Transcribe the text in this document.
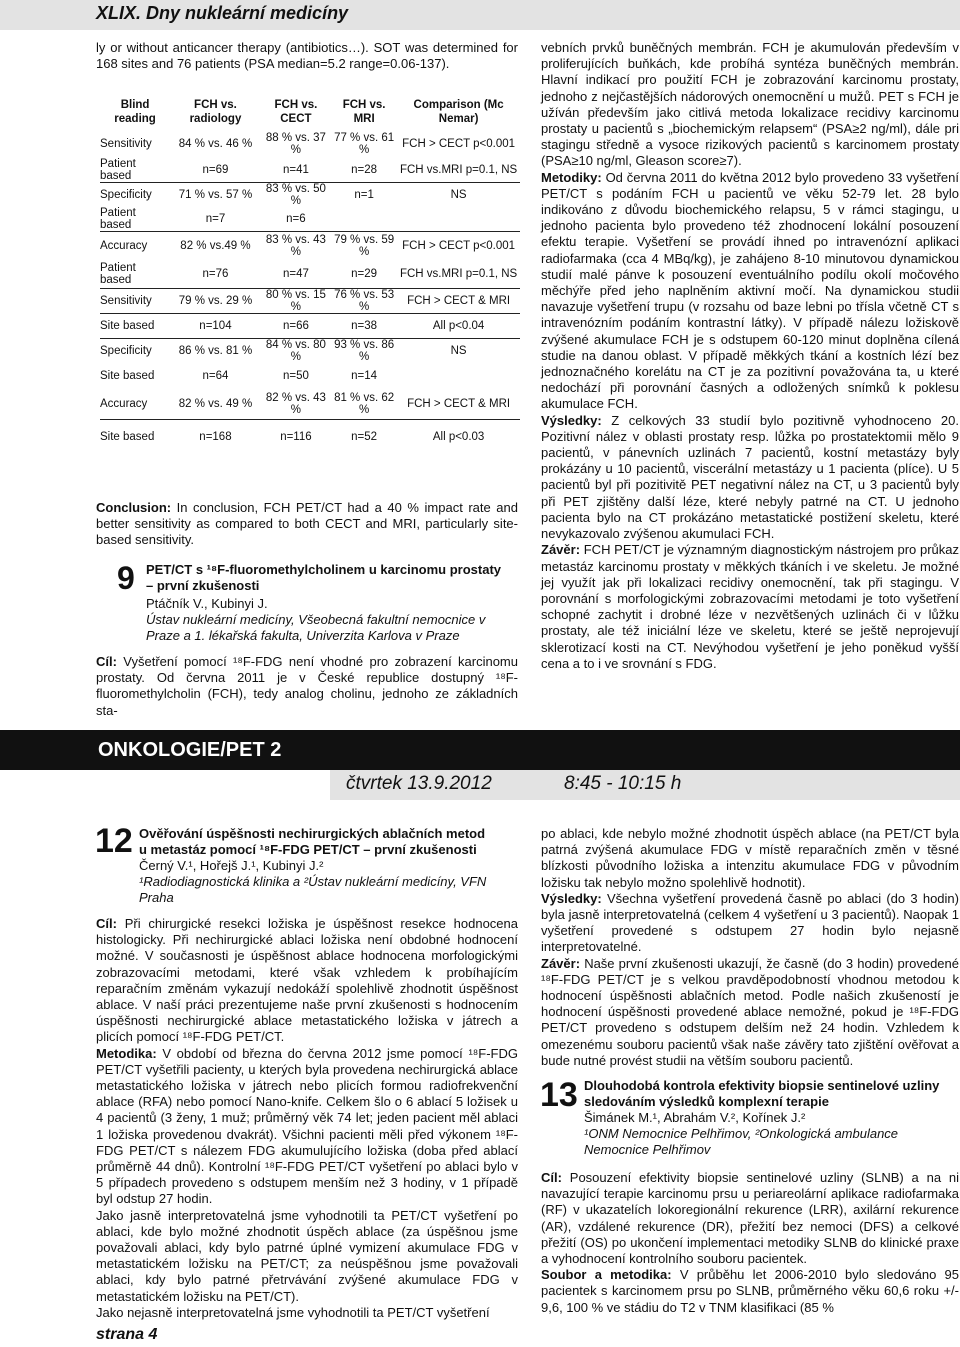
XLIX. Dny nukleární medicíny

ly or without anticancer therapy (antibiotics…). SOT was determined for 168 sites and 76 patients (PSA median=5.2 range=0.06-137).

Blind reading	FCH vs. radiology	FCH vs. CECT	FCH vs. MRI	Comparison (Mc Nemar)
Sensitivity	84 % vs. 46 %	88 % vs. 37 %	77 % vs. 61 %	FCH > CECT p<0.001
Patient based	n=69	n=41	n=28	FCH vs.MRI p=0.1, NS
Specificity	71 % vs. 57 %	83 % vs. 50 %	n=1	NS
Patient based	n=7	n=6		
Accuracy	82 % vs.49 %	83 % vs. 43 %	79 % vs. 59 %	FCH > CECT p<0.001
Patient based	n=76	n=47	n=29	FCH vs.MRI p=0.1, NS
Sensitivity	79 % vs. 29 %	80 % vs. 15 %	76 % vs. 53 %	FCH > CECT & MRI
Site based	n=104	n=66	n=38	All p<0.04
Specificity	86 % vs. 81 %	84 % vs. 80 %	93 % vs. 86 %	NS
Site based	n=64	n=50	n=14	
Accuracy	82 % vs. 49 %	82 % vs. 43 %	81 % vs. 62 %	FCH > CECT & MRI
Site based	n=168	n=116	n=52	All p<0.03

Conclusion: In conclusion, FCH PET/CT had a 40 % impact rate and better sensitivity as compared to both CECT and MRI, particularly site-based sensitivity.

9 PET/CT s ¹⁸F-fluoromethylcholinem u karcinomu prostaty
– první zkušenosti

Ptáčník V., Kubinyi J.

Ústav nukleární medicíny, Všeobecná fakultní nemocnice v Praze a 1. lékařská fakulta, Univerzita Karlova v Praze

Cíl: Vyšetření pomocí ¹⁸F-FDG není vhodné pro zobrazení karcinomu prostaty. Od června 2011 je v České republice dostupný ¹⁸F-fluoromethylcholin (FCH), tedy analog cholinu, jednoho ze základních sta-

vebních prvků buněčných membrán. FCH je akumulován především v proliferujících buňkách, kde probíhá syntéza buněčných membrán. Hlavní indikací pro použití FCH je zobrazování karcinomu prostaty, jednoho z nejčastějších nádorových onemocnění u mužů. PET s FCH je užíván především jako citlivá metoda lokalizace recidivy karcinomu prostaty u pacientů s „biochemickým relapsem“ (PSA≥2 ng/ml), dále pri stagingu středně a vysoce rizikových pacientů s karcinomem prostaty (PSA≥10 ng/ml, Gleason score≥7).

Metodiky: Od června 2011 do května 2012 bylo provedeno 33 vyšetření PET/CT s podáním FCH u pacientů ve věku 52-79 let. 28 bylo indikováno z důvodu biochemického relapsu, 5 v rámci stagingu, u jednoho pacienta bylo provedeno též zhodnocení lokální posouzení efektu terapie. Vyšetření se provádí ihned po intravenózní aplikaci radiofarmaka (cca 4 MBq/kg), je zahájeno 8-10 minutovou dynamickou studií malé pánve k posouzení eventuálního podílu okolí močového měchýře před jeho naplněním aktivní močí. Na dynamickou studii navazuje vyšetření trupu (v rozsahu od baze lebni po třísla včetně CT s intravenózním podáním kontrastní látky). V případě nálezu ložiskově zvýšené akumulace FCH je s odstupem 60-120 minut doplněna cílená studie na danou oblast. V případě měkkých tkání a kostních lézí bez jednoznačného korelátu na CT je za pozitivní považována ta, u které nedochází při porovnání časných a odložených snímků k poklesu akumulace FCH.

Výsledky: Z celkových 33 studií bylo pozitivně vyhodnoceno 20. Pozitivní nález v oblasti prostaty resp. lůžka po prostatektomii mělo 9 pacientů, v pánevních uzlinách 7 pacientů, kostní metastázy byly prokázány u 10 pacientů, viscerální metastázy u 1 pacienta (plíce). U 5 pacientů byl při pozitivitě PET negativní nález na CT, u 3 pacientů byly při PET zjištěny další léze, které nebyly patrné na CT. U jednoho pacienta bylo na CT prokázáno metastatické postižení skeletu, které nevykazovalo zvýšenou akumulaci FCH.

Závěr: FCH PET/CT je významným diagnostickým nástrojem pro průkaz metastáz karcinomu prostaty v měkkých tkáních i ve skeletu. Je možné jej využít jak při lokalizaci recidivy onemocnění, tak při stagingu. V porovnání s morfologickými zobrazovacími metodami je toto vyšetření schopné zachytit i drobné léze v nezvětšených uzlinách či v lůžku prostaty, ale též iniciální léze ve skeletu, které se ještě neprojevují sklerotizací kosti na CT. Nevýhodou vyšetření je jeho poněkud vyšší cena a to i ve srovnání s FDG.

ONKOLOGIE/PET 2
čtvrtek 13.9.2012	8:45 - 10:15 h
12 Ověřování úspěšnosti nechirurgických ablačních metod
u metastáz pomocí ¹⁸F-FDG PET/CT – první zkušenosti

Černý V.¹, Hořejš J.¹, Kubinyi J.²

¹Radiodiagnostická klinika a ²Ústav nukleární medicíny, VFN Praha

Cíl: Při chirurgické resekci ložiska je úspěšnost resekce hodnocena histologicky. Při nechirurgické ablaci ložiska není obdobné hodnocení možné. V současnosti je úspěšnost ablace hodnocena morfologickými zobrazovacími metodami, které však vzhledem k probíhajícím reparačním změnám vykazují nedokáží spolehlivě zhodnotit úspěšnost ablace. V naší práci prezentujeme naše první zkušenosti s hodnocením úspěšnosti nechirurgické ablace metastatického ložiska v játrech a plicích pomocí ¹⁸F-FDG PET/CT.

Metodika: V období od března do června 2012 jsme pomocí ¹⁸F-FDG PET/CT vyšetřili pacienty, u kterých byla provedena nechirurgická ablace metastatického ložiska v játrech nebo plicích formou radiofrekvenční ablace (RFA) nebo pomocí Nano-knife. Celkem šlo o 6 ablací 5 ložisek u 4 pacientů (3 ženy, 1 muž; průměrný věk 74 let; jeden pacient měl ablaci 1 ložiska provedenou dvakrát). Všichni pacienti měli před výkonem ¹⁸F-FDG PET/CT s nálezem FDG akumulujícího ložiska (doba před ablací průměrně 44 dnů). Kontrolní ¹⁸F-FDG PET/CT vyšetření po ablaci bylo v 5 případech provedeno s odstupem menším než 3 hodiny, v 1 případě byl odstup 27 hodin.

Jako jasně interpretovatelná jsme vyhodnotili ta PET/CT vyšetření po ablaci, kde bylo možné zhodnotit úspěch ablace (za úspěšnou jsme považovali ablaci, kdy bylo patrné úplné vymizení akumulace FDG v metastatickém ložisku na PET/CT; za neúspěšnou jsme považovali ablaci, kdy bylo patrné přetrvávání zvýšené akumulace FDG v metastatickém ložisku na PET/CT).

Jako nejasně interpretovatelná jsme vyhodnotili ta PET/CT vyšetření

po ablaci, kde nebylo možné zhodnotit úspěch ablace (na PET/CT byla patrná zvýšená akumulace FDG v místě reparačních změn v těsné blízkosti původního ložiska a intenzitu akumulace FDG v původním ložisku tak nebylo možno spolehlivě hodnotit).

Výsledky: Všechna vyšetření provedená časně po ablaci (do 3 hodin) byla jasně interpretovatelná (celkem 4 vyšetření u 3 pacientů). Naopak 1 vyšetření provedené s odstupem 27 hodin bylo nejasně interpretovatelné.

Závěr: Naše první zkušenosti ukazují, že časně (do 3 hodin) provedené ¹⁸F-FDG PET/CT je s velkou pravděpodobností vhodnou metodou k hodnocení úspěšnosti ablačních metod. Podle našich zkušeností je hodnocení úspěšnosti provedené ablace nemožné, pokud je ¹⁸F-FDG PET/CT provedeno s odstupem delším než 24 hodin. Vzhledem k omezenému souboru pacientů však naše závěry tato zjištění ověřovat a bude nutné provést studii na větším souboru pacientů.

13 Dlouhodobá kontrola efektivity biopsie sentinelové uzliny
sledováním výsledků komplexní terapie

Šimánek M.¹, Abrahám V.², Kořínek J.²

¹ONM Nemocnice Pelhřimov, ²Onkologická ambulance Nemocnice Pelhřimov

Cíl: Posouzení efektivity biopsie sentinelové uzliny (SLNB) a na ni navazující terapie karcinomu prsu u periareolární aplikace radiofarmaka (RF) v ukazatelích lokoregionální rekurence (LRR), axilární rekurence (AR), vzdálené rekurence (DR), přežití bez nemoci (DFS) a celkové přežití (OS) po ukončení implementaci metodiky SLNB do klinické praxe a vyhodnocení kontrolního souboru pacientek.

Soubor a metodika: V průběhu let 2006-2010 bylo sledováno 95 pacientek s karcinomem prsu po SLNB, průměrného věku 60,6 roku +/- 9,6, 100 % ve stádiu do T2 v TNM klasifikaci (85 %

strana 4
